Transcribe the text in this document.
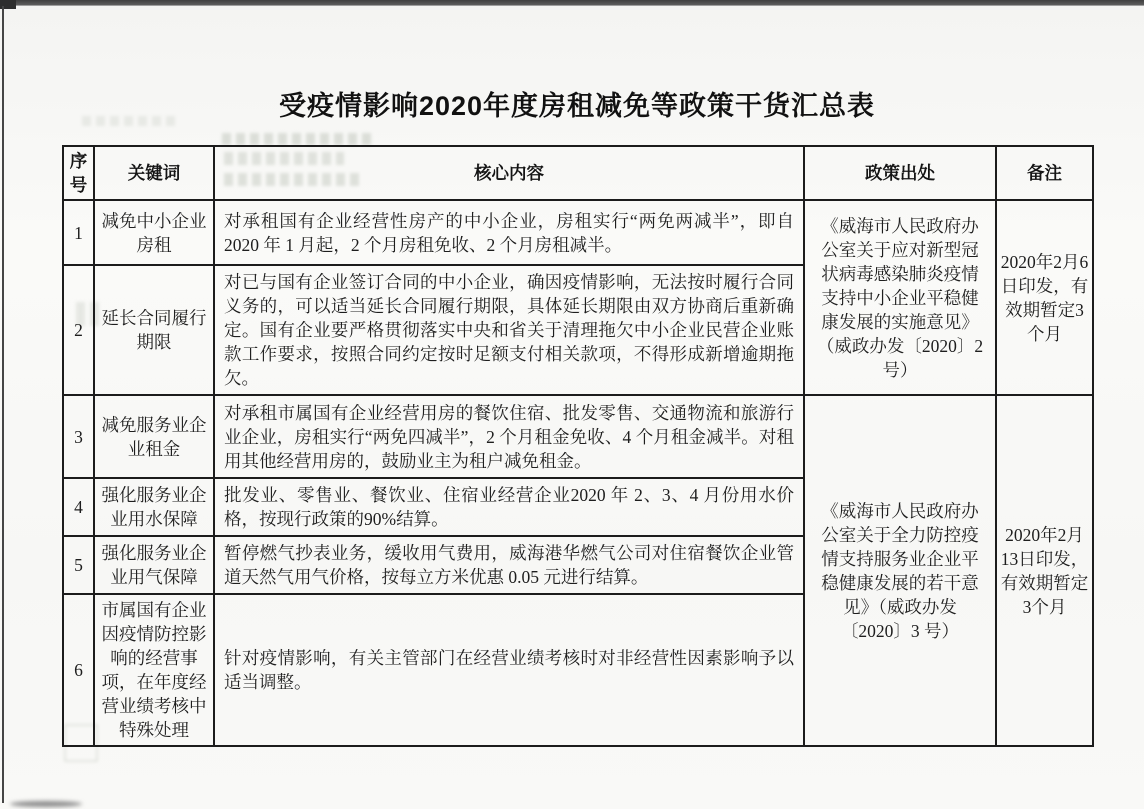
受疫情影响2020年度房租减免等政策干货汇总表
序号	关键词	核心内容	政策出处	备注
1	减免中小企业房租	对承租国有企业经营性房产的中小企业，房租实行“两免两减半”，即自 2020 年 1 月起，2 个月房租免收、2 个月房租减半。	《威海市人民政府办公室关于应对新型冠状病毒感染肺炎疫情支持中小企业平稳健康发展的实施意见》（威政办发〔2020〕2 号）	2020年2月6日印发，有效期暂定3个月
2	延长合同履行期限	对已与国有企业签订合同的中小企业，确因疫情影响，无法按时履行合同义务的，可以适当延长合同履行期限，具体延长期限由双方协商后重新确定。国有企业要严格贯彻落实中央和省关于清理拖欠中小企业民营企业账款工作要求，按照合同约定按时足额支付相关款项，不得形成新增逾期拖欠。		
3	减免服务业企业租金	对承租市属国有企业经营用房的餐饮住宿、批发零售、交通物流和旅游行业企业，房租实行“两免四减半”，2 个月租金免收、4 个月租金减半。对租用其他经营用房的，鼓励业主为租户减免租金。	《威海市人民政府办公室关于全力防控疫情支持服务业企业平稳健康发展的若干意见》（威政办发〔2020〕3 号）	2020年2月13日印发，有效期暂定3个月
4	强化服务业企业用水保障	批发业、零售业、餐饮业、住宿业经营企业2020 年 2、3、4 月份用水价格，按现行政策的90%结算。		
5	强化服务业企业用气保障	暂停燃气抄表业务，缓收用气费用，威海港华燃气公司对住宿餐饮企业管道天然气用气价格，按每立方米优惠 0.05 元进行结算。		
6	市属国有企业因疫情防控影响的经营事项，在年度经营业绩考核中特殊处理	针对疫情影响，有关主管部门在经营业绩考核时对非经营性因素影响予以适当调整。		
